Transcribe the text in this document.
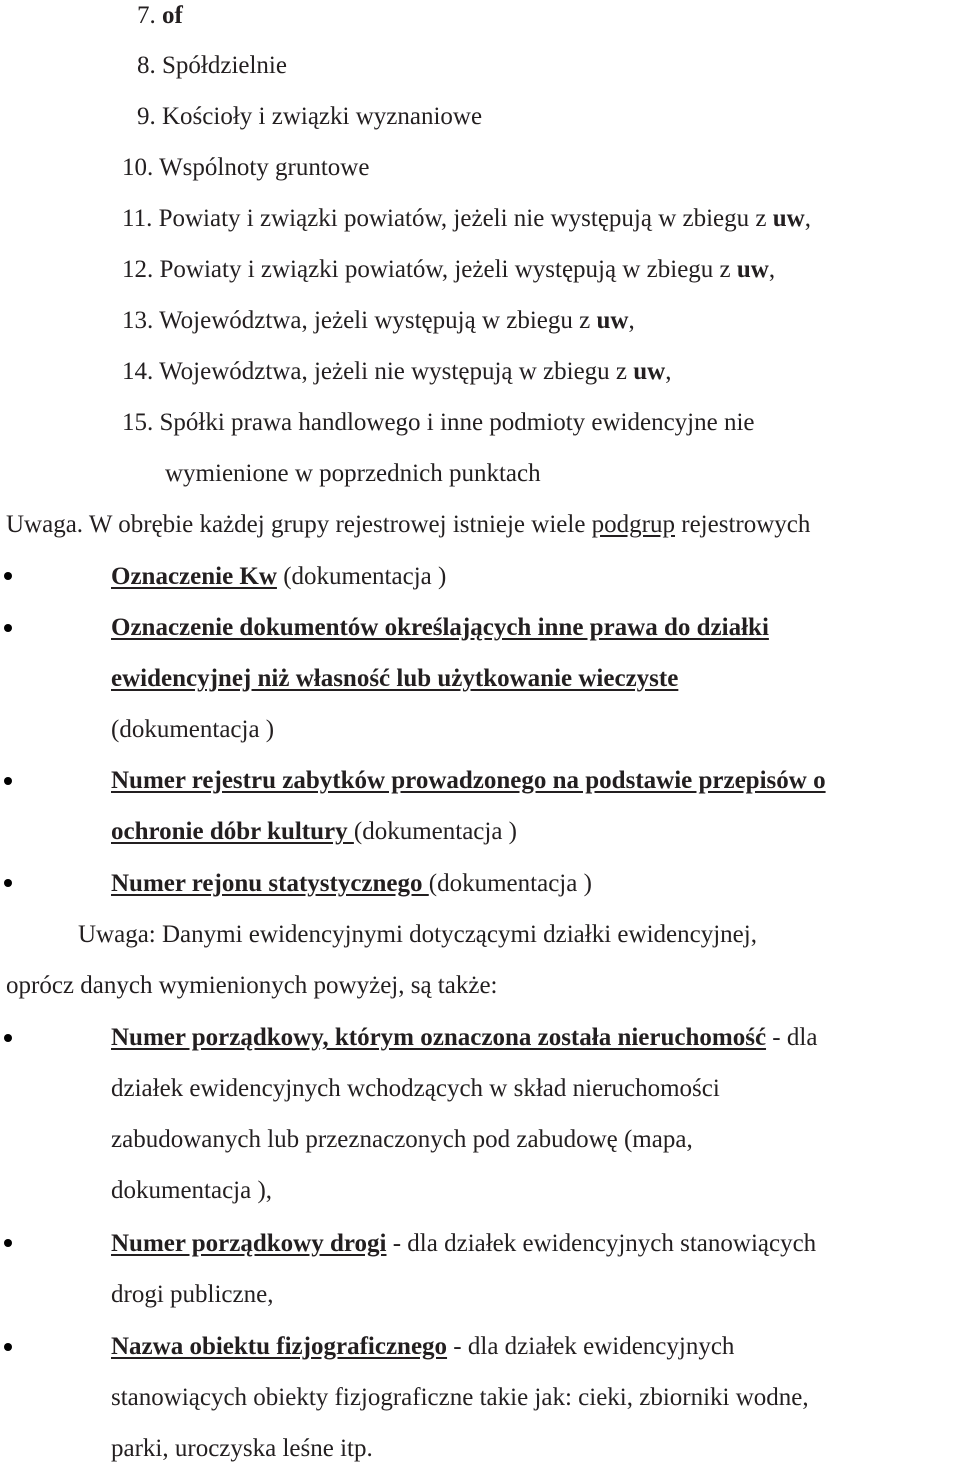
7. of
8. Spółdzielnie
9. Kościoły i związki wyznaniowe
10. Wspólnoty gruntowe
11. Powiaty i związki powiatów, jeżeli nie występują w zbiegu z uw,
12. Powiaty i związki powiatów, jeżeli występują w zbiegu z uw,
13. Województwa, jeżeli występują w zbiegu z uw,
14. Województwa, jeżeli nie występują w zbiegu z uw,
15. Spółki prawa handlowego i inne podmioty ewidencyjne nie
wymienione w poprzednich punktach
Uwaga. W obrębie każdej grupy rejestrowej istnieje wiele podgrup rejestrowych
Oznaczenie Kw (dokumentacja )
Oznaczenie dokumentów określających inne prawa do działki
ewidencyjnej niż własność lub użytkowanie wieczyste
(dokumentacja )
Numer rejestru zabytków prowadzonego na podstawie przepisów o
ochronie dóbr kultury (dokumentacja )
Numer rejonu statystycznego (dokumentacja )
Uwaga: Danymi ewidencyjnymi dotyczącymi działki ewidencyjnej,
oprócz danych wymienionych powyżej, są także:
Numer porządkowy, którym oznaczona została nieruchomość - dla
działek ewidencyjnych wchodzących w skład nieruchomości
zabudowanych lub przeznaczonych pod zabudowę (mapa,
dokumentacja ),
Numer porządkowy drogi - dla działek ewidencyjnych stanowiących
drogi publiczne,
Nazwa obiektu fizjograficznego - dla działek ewidencyjnych
stanowiących obiekty fizjograficzne takie jak: cieki, zbiorniki wodne,
parki, uroczyska leśne itp.
